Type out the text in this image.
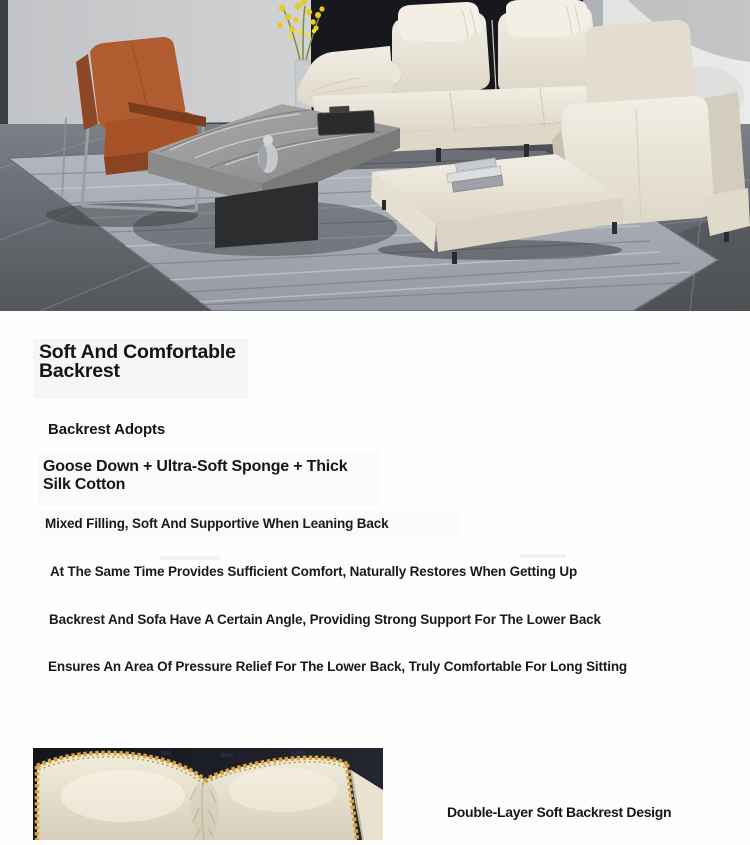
Soft And Comfortable
Backrest
Backrest Adopts
Goose Down + Ultra-Soft Sponge + Thick
Silk Cotton
Mixed Filling, Soft And Supportive When Leaning Back
At The Same Time Provides Sufficient Comfort, Naturally Restores When Getting Up
Backrest And Sofa Have A Certain Angle, Providing Strong Support For The Lower Back
Ensures An Area Of Pressure Relief For The Lower Back, Truly Comfortable For Long Sitting
Double-Layer Soft Backrest Design
